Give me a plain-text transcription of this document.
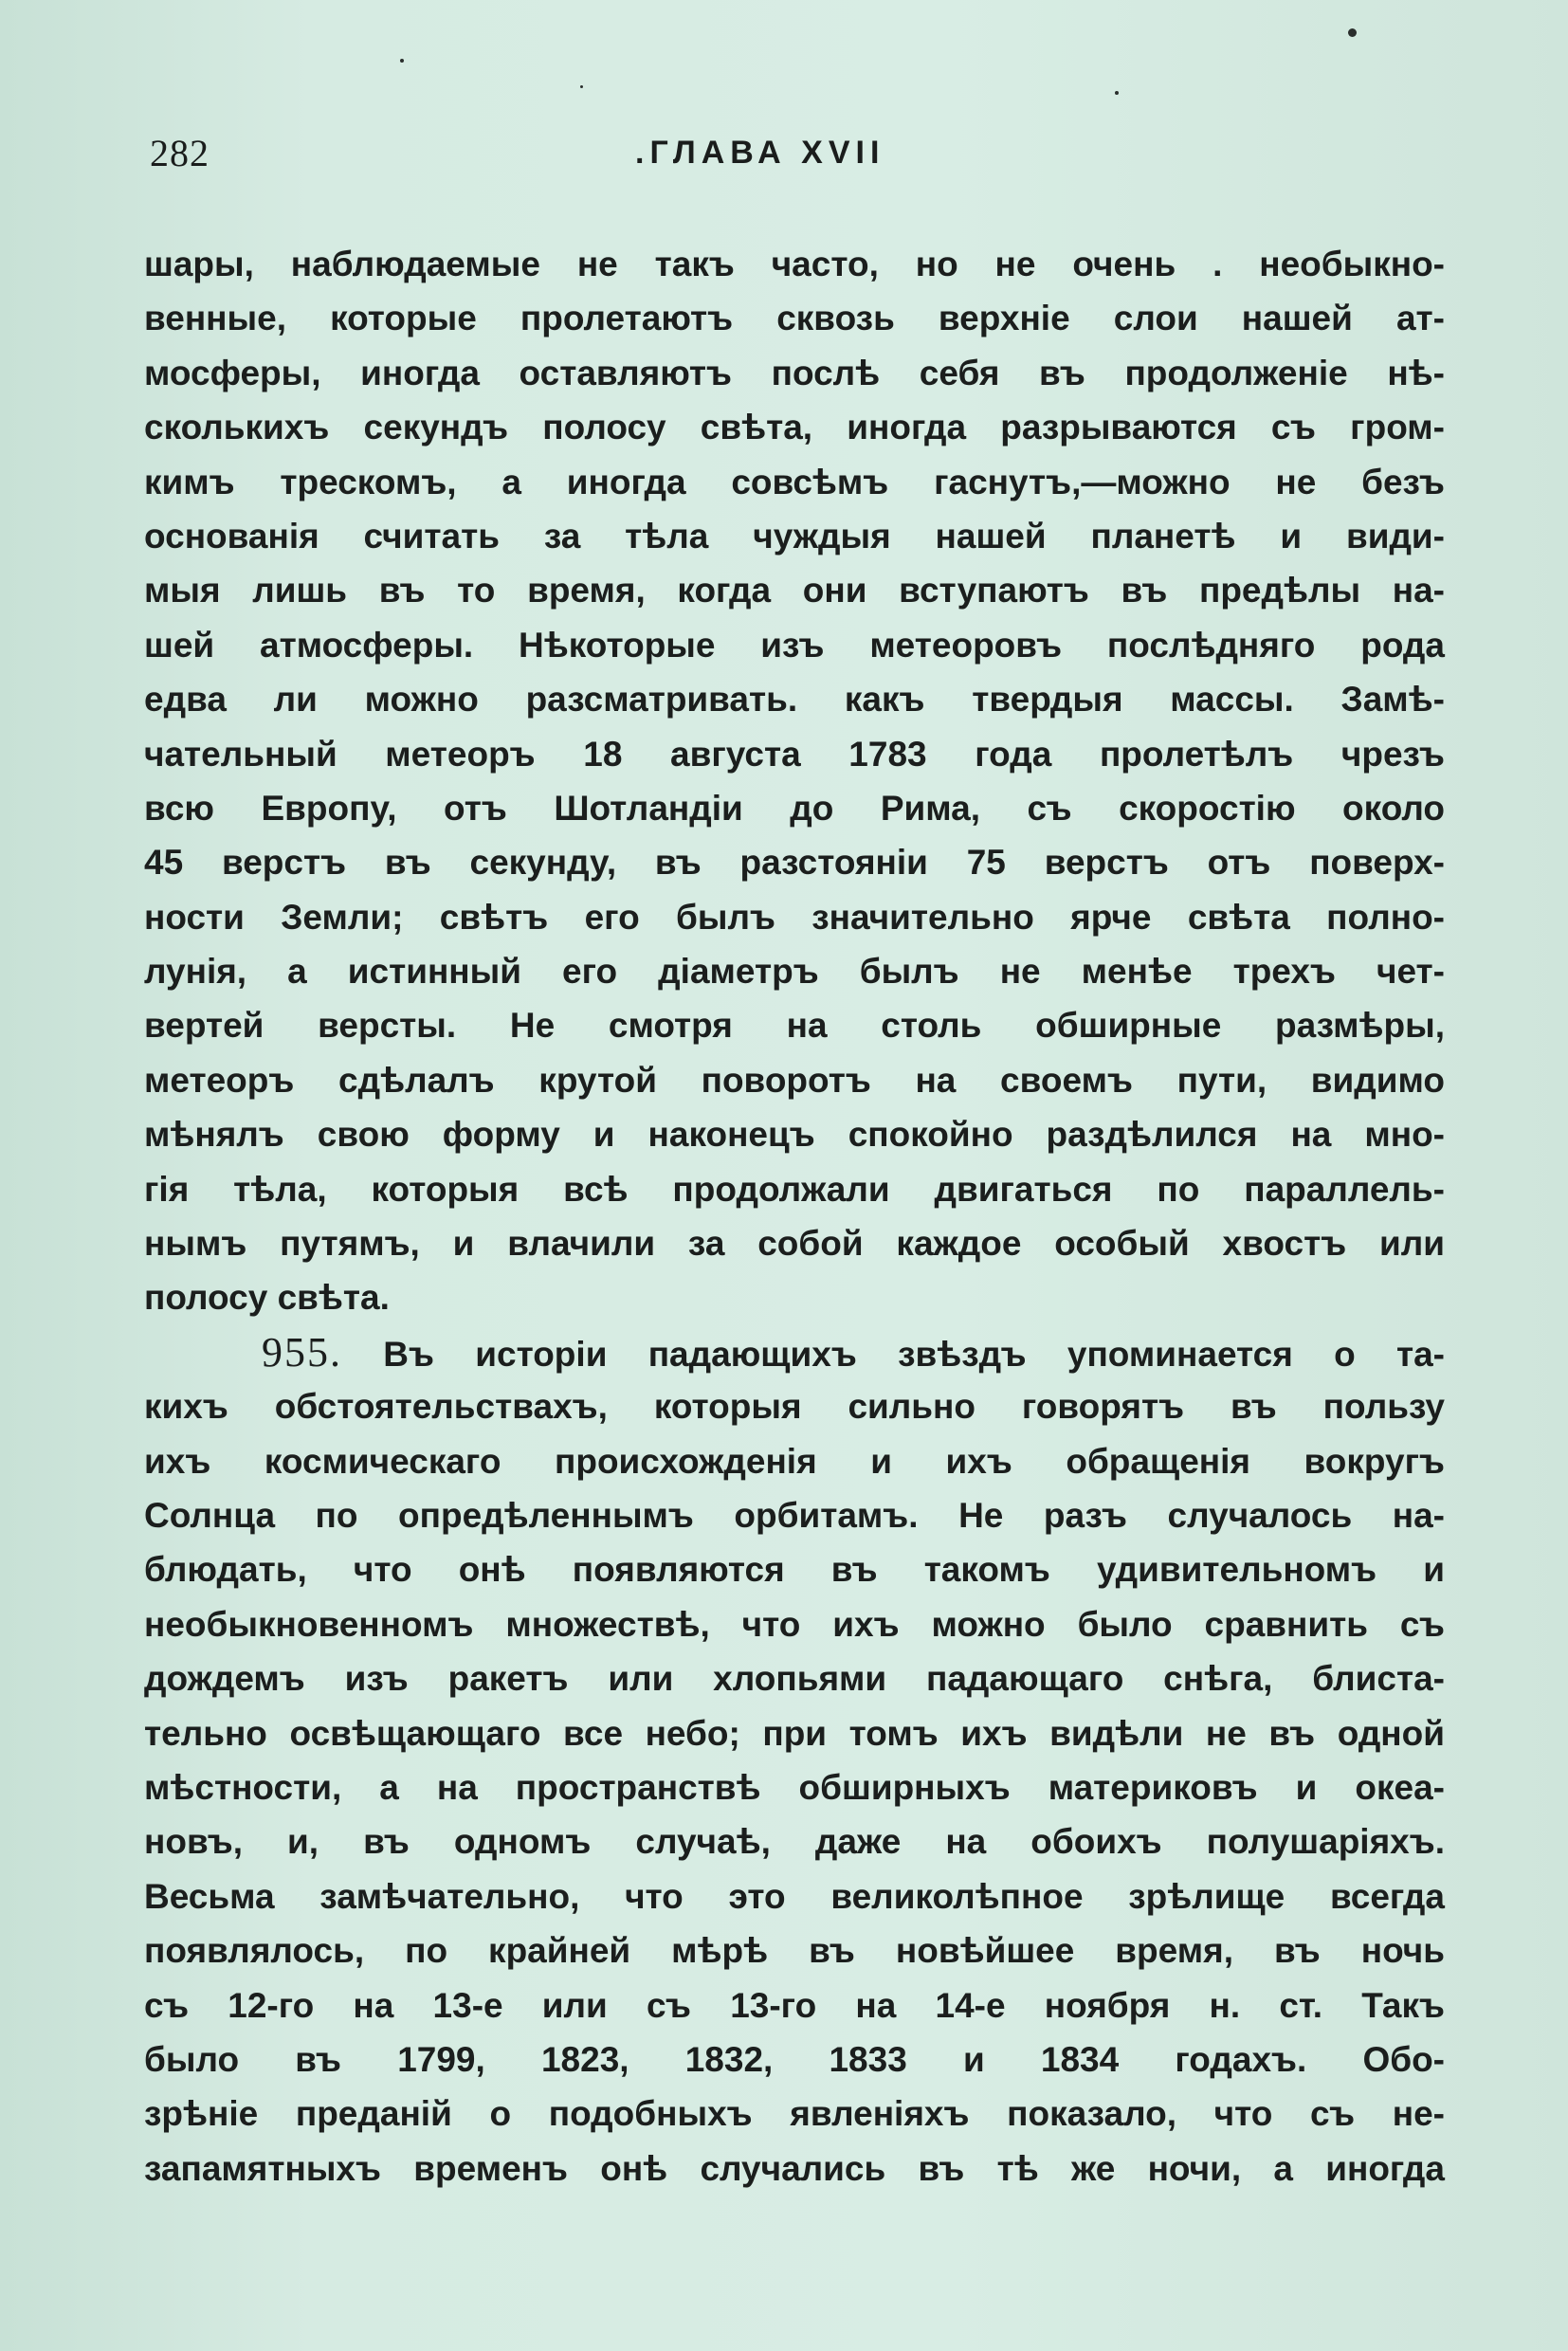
282	.ГЛАВА XVII
шары, наблюдаемые не такъ часто, но не очень . необыкно-
венные, которые пролетаютъ сквозь верхніе слои нашей ат-
мосферы, иногда оставляютъ послѣ себя въ продолженіе нѣ-
сколькихъ секундъ полосу свѣта, иногда разрываются съ гром-
кимъ трескомъ, а иногда совсѣмъ гаснутъ,—можно не безъ
основанія считать за тѣла чуждыя нашей планетѣ и види-
мыя лишь въ то время, когда они вступаютъ въ предѣлы на-
шей атмосферы. Нѣкоторые изъ метеоровъ послѣдняго рода
едва ли можно разсматривать. какъ твердыя массы. Замѣ-
чательный метеоръ 18 августа 1783 года пролетѣлъ чрезъ
всю Европу, отъ Шотландіи до Рима, съ скоростію около
45 верстъ въ секунду, въ разстояніи 75 верстъ отъ поверх-
ности Земли; свѣтъ его былъ значительно ярче свѣта полно-
лунія, а истинный его діаметръ былъ не менѣе трехъ чет-
вертей версты. Не смотря на столь обширные размѣры,
метеоръ сдѣлалъ крутой поворотъ на своемъ пути, видимо
мѣнялъ свою форму и наконецъ спокойно раздѣлился на мно-
гія тѣла, которыя всѣ продолжали двигаться по параллель-
нымъ путямъ, и влачили за собой каждое особый хвостъ или
полосу свѣта.
955. Въ исторіи падающихъ звѣздъ упоминается о та-
кихъ обстоятельствахъ, которыя сильно говорятъ въ пользу
ихъ космическаго происхожденія и ихъ обращенія вокругъ
Солнца по опредѣленнымъ орбитамъ. Не разъ случалось на-
блюдать, что онѣ появляются въ такомъ удивительномъ и
необыкновенномъ множествѣ, что ихъ можно было сравнить съ
дождемъ изъ ракетъ или хлопьями падающаго снѣга, блиста-
тельно освѣщающаго все небо; при томъ ихъ видѣли не въ одной
мѣстности, а на пространствѣ обширныхъ материковъ и океа-
новъ, и, въ одномъ случаѣ, даже на обоихъ полушаріяхъ.
Весьма замѣчательно, что это великолѣпное зрѣлище всегда
появлялось, по крайней мѣрѣ въ новѣйшее время, въ ночь
съ 12-го на 13-е или съ 13-го на 14-е ноября н. ст. Такъ
было въ 1799, 1823, 1832, 1833 и 1834 годахъ. Обо-
зрѣніе преданій о подобныхъ явленіяхъ показало, что съ не-
запамятныхъ временъ онѣ случались въ тѣ же ночи, а иногда
